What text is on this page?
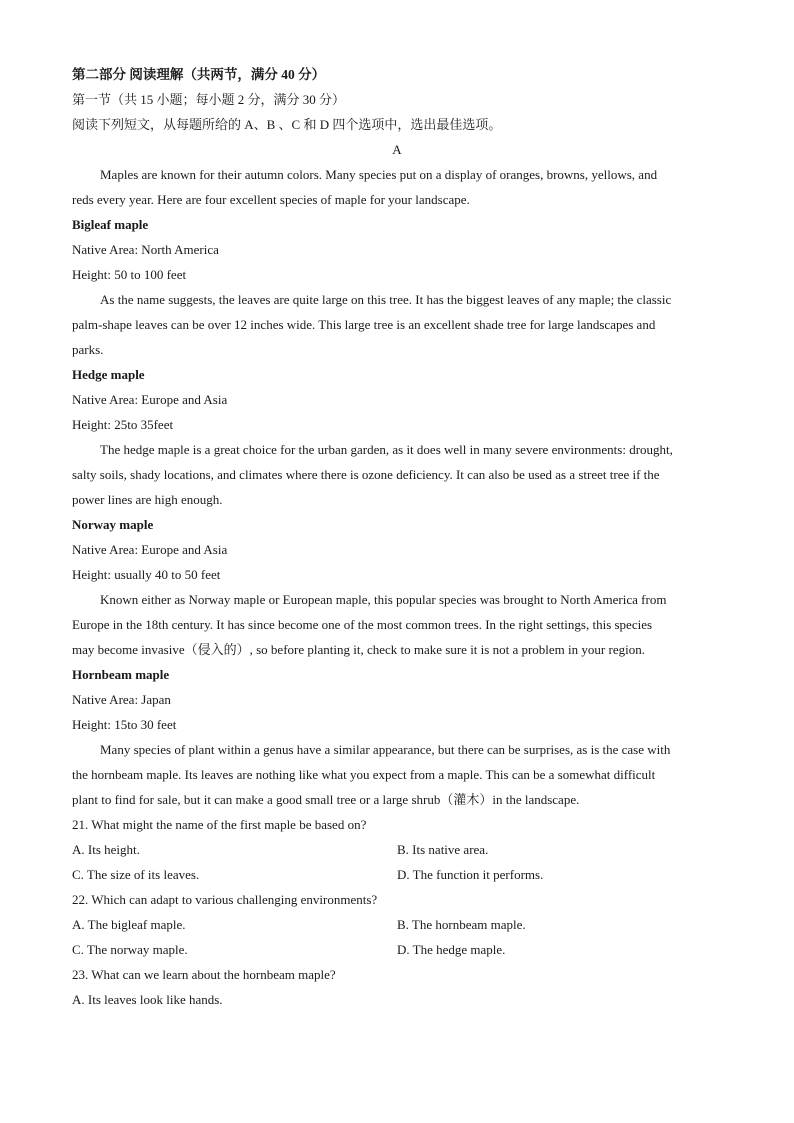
第二部分 阅读理解（共两节，满分 40 分）
第一节（共 15 小题；每小题 2 分，满分 30 分）
阅读下列短文，从每题所给的 A、B 、C 和 D 四个选项中，选出最佳选项。
A
Maples are known for their autumn colors. Many species put on a display of oranges, browns, yellows, and
reds every year. Here are four excellent species of maple for your landscape.
Bigleaf maple
Native Area: North America
Height: 50 to 100 feet
As the name suggests, the leaves are quite large on this tree. It has the biggest leaves of any maple; the classic
palm-shape leaves can be over 12 inches wide. This large tree is an excellent shade tree for large landscapes and
parks.
Hedge maple
Native Area: Europe and Asia
Height: 25to 35feet
The hedge maple is a great choice for the urban garden, as it does well in many severe environments: drought,
salty soils, shady locations, and climates where there is ozone deficiency. It can also be used as a street tree if the
power lines are high enough.
Norway maple
Native Area: Europe and Asia
Height: usually 40 to 50 feet
Known either as Norway maple or European maple, this popular species was brought to North America from
Europe in the 18th century. It has since become one of the most common trees. In the right settings, this species
may become invasive（侵入的）, so before planting it, check to make sure it is not a problem in your region.
Hornbeam maple
Native Area: Japan
Height: 15to 30 feet
Many species of plant within a genus have a similar appearance, but there can be surprises, as is the case with
the hornbeam maple. Its leaves are nothing like what you expect from a maple. This can be a somewhat difficult
plant to find for sale, but it can make a good small tree or a large shrub（灌木）in the landscape.
21. What might the name of the first maple be based on?
A. Its height.	B. Its native area.
C. The size of its leaves.	D. The function it performs.
22. Which can adapt to various challenging environments?
A. The bigleaf maple.	B. The hornbeam maple.
C. The norway maple.	D. The hedge maple.
23. What can we learn about the hornbeam maple?
A. Its leaves look like hands.
